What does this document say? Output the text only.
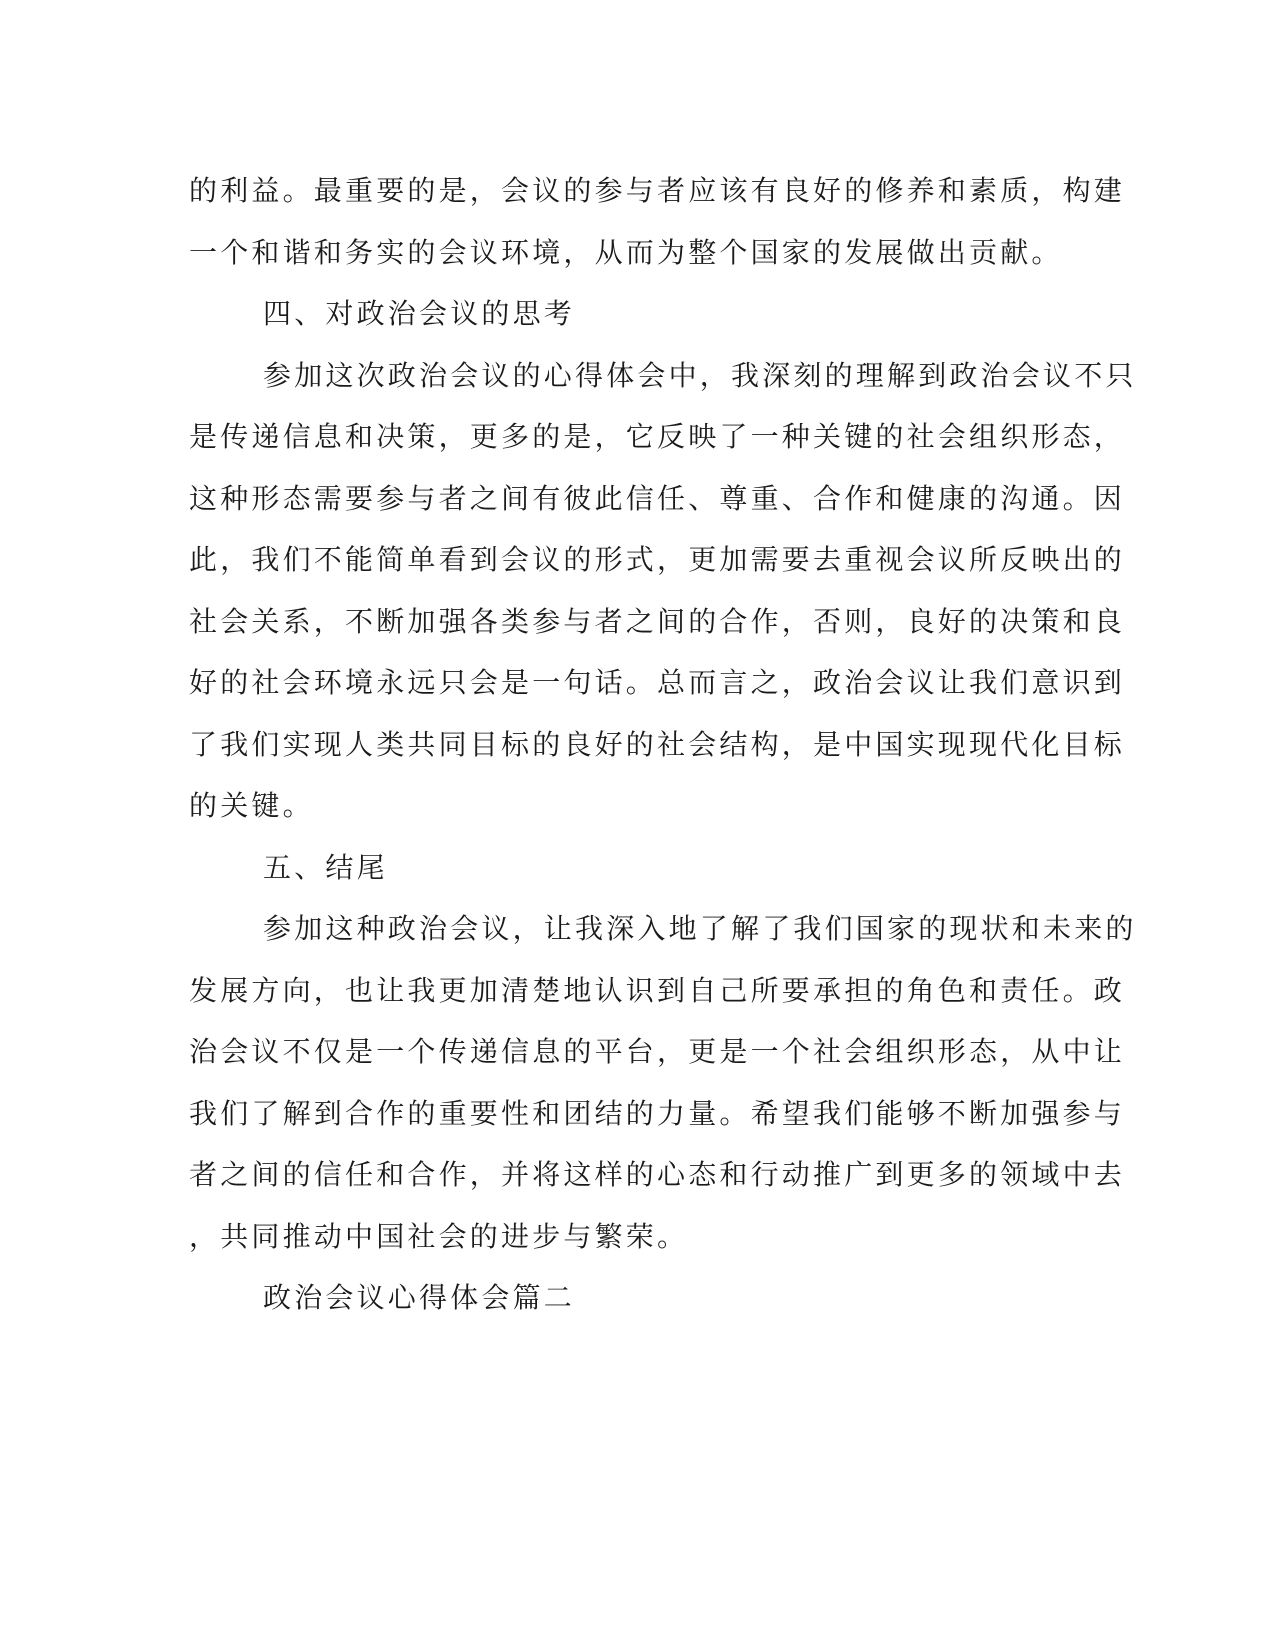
的利益。最重要的是，会议的参与者应该有良好的修养和素质，构建
一个和谐和务实的会议环境，从而为整个国家的发展做出贡献。
四、对政治会议的思考
参加这次政治会议的心得体会中，我深刻的理解到政治会议不只
是传递信息和决策，更多的是，它反映了一种关键的社会组织形态，
这种形态需要参与者之间有彼此信任、尊重、合作和健康的沟通。因
此，我们不能简单看到会议的形式，更加需要去重视会议所反映出的
社会关系，不断加强各类参与者之间的合作，否则，良好的决策和良
好的社会环境永远只会是一句话。总而言之，政治会议让我们意识到
了我们实现人类共同目标的良好的社会结构，是中国实现现代化目标
的关键。
五、结尾
参加这种政治会议，让我深入地了解了我们国家的现状和未来的
发展方向，也让我更加清楚地认识到自己所要承担的角色和责任。政
治会议不仅是一个传递信息的平台，更是一个社会组织形态，从中让
我们了解到合作的重要性和团结的力量。希望我们能够不断加强参与
者之间的信任和合作，并将这样的心态和行动推广到更多的领域中去
，共同推动中国社会的进步与繁荣。
政治会议心得体会篇二
